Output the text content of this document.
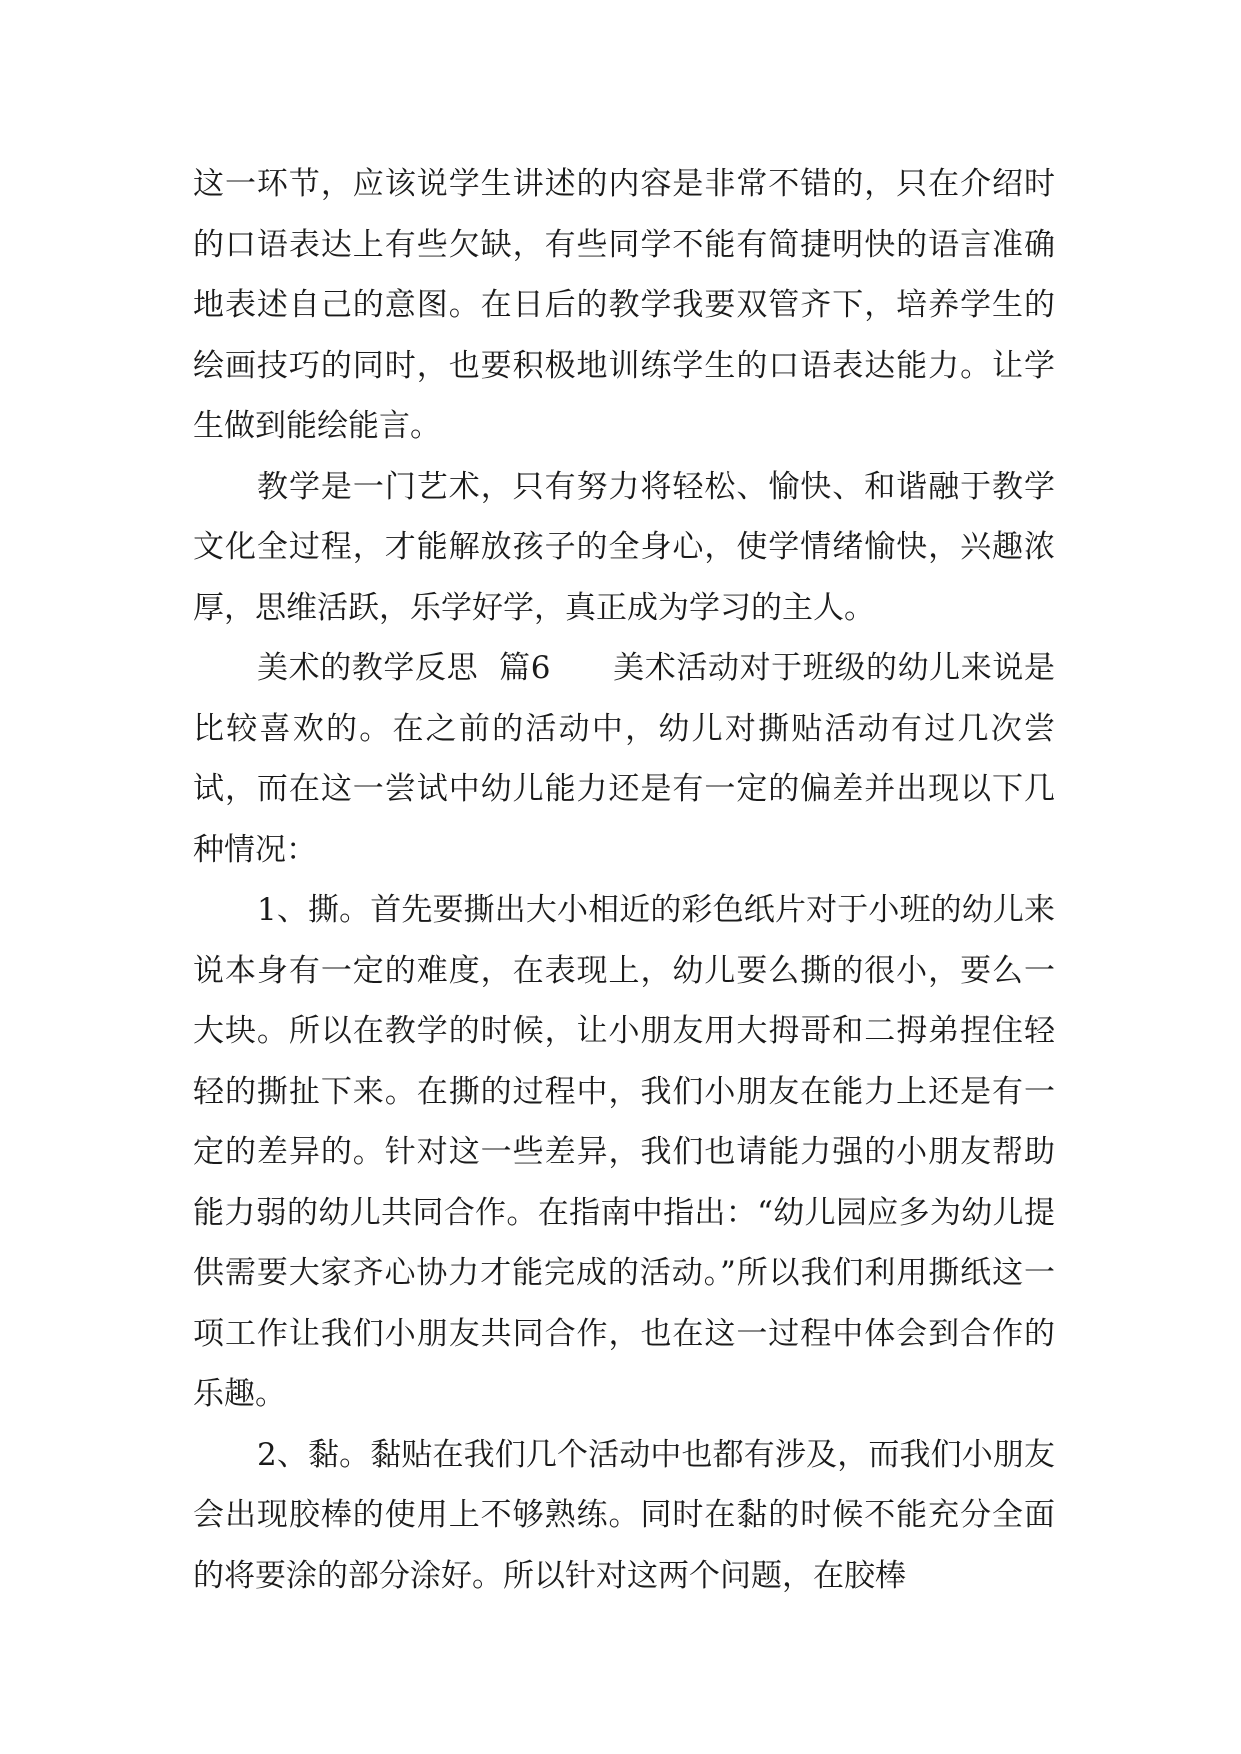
这一环节，应该说学生讲述的内容是非常不错的，只在介绍时的口语表达上有些欠缺，有些同学不能有简捷明快的语言准确地表述自己的意图。在日后的教学我要双管齐下，培养学生的绘画技巧的同时，也要积极地训练学生的口语表达能力。让学生做到能绘能言。

教学是一门艺术，只有努力将轻松、愉快、和谐融于教学文化全过程，才能解放孩子的全身心，使学情绪愉快，兴趣浓厚，思维活跃，乐学好学，真正成为学习的主人。

美术的教学反思  篇6      美术活动对于班级的幼儿来说是比较喜欢的。在之前的活动中，幼儿对撕贴活动有过几次尝试，而在这一尝试中幼儿能力还是有一定的偏差并出现以下几种情况：

1、撕。首先要撕出大小相近的彩色纸片对于小班的幼儿来说本身有一定的难度，在表现上，幼儿要么撕的很小，要么一大块。所以在教学的时候，让小朋友用大拇哥和二拇弟捏住轻轻的撕扯下来。在撕的过程中，我们小朋友在能力上还是有一定的差异的。针对这一些差异，我们也请能力强的小朋友帮助能力弱的幼儿共同合作。在指南中指出：“幼儿园应多为幼儿提供需要大家齐心协力才能完成的活动。”所以我们利用撕纸这一项工作让我们小朋友共同合作，也在这一过程中体会到合作的乐趣。

2、黏。黏贴在我们几个活动中也都有涉及，而我们小朋友会出现胶棒的使用上不够熟练。同时在黏的时候不能充分全面的将要涂的部分涂好。所以针对这两个问题，在胶棒
